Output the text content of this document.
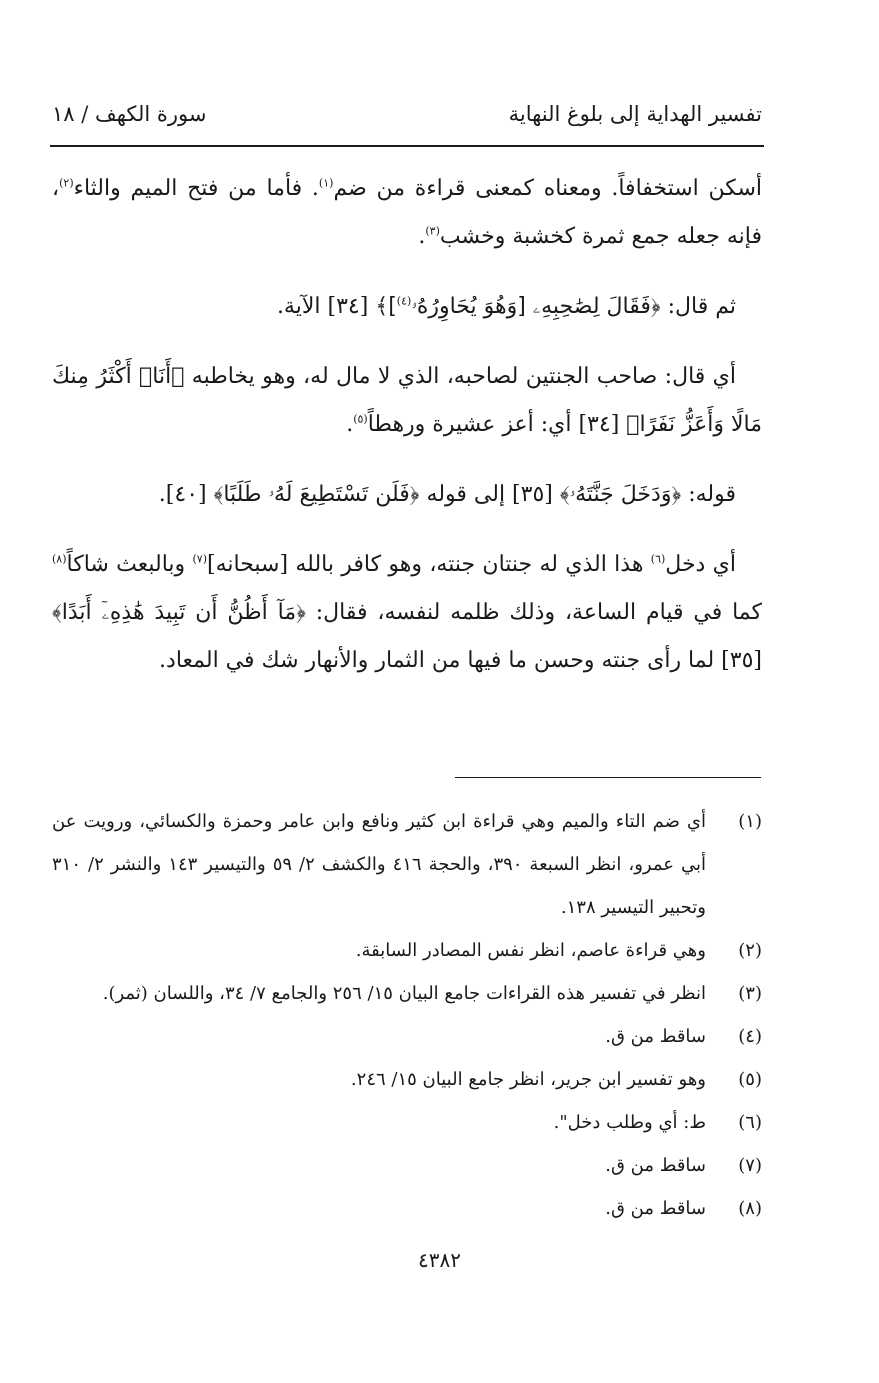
تفسير الهداية إلى بلوغ النهاية
سورة الكهف / ١٨

أسكن استخفافاً. ومعناه كمعنى قراءة من ضم$^{(١)}$. فأما من فتح الميم والثاء$^{(٢)}$، فإنه جعله جمع ثمرة كخشبة وخشب$^{(٣)}$.

ثم قال: ﴿فَقَالَ لِصَٰحِبِهِۦ [وَهُوَ يُحَاوِرُهُۥ$^{(٤)}$]﴾ [٣٤] الآية.

أي قال: صاحب الجنتين لصاحبه، الذي لا مال له، وهو يخاطبه ﴿أَنَا۠ أَكْثَرُ مِنكَ مَالًا وَأَعَزُّ نَفَرًا﴾ [٣٤] أي: أعز عشيرة ورهطاً$^{(٥)}$.

قوله: ﴿وَدَخَلَ جَنَّتَهُۥ﴾ [٣٥] إلى قوله ﴿فَلَن تَسْتَطِيعَ لَهُۥ طَلَبًا﴾ [٤٠].

أي دخل$^{(٦)}$ هذا الذي له جنتان جنته، وهو كافر بالله [سبحانه]$^{(٧)}$ وبالبعث شاكاً$^{(٨)}$ كما في قيام الساعة، وذلك ظلمه لنفسه، فقال: ﴿مَآ أَظُنُّ أَن تَبِيدَ هَٰذِهِۦٓ أَبَدًا﴾ [٣٥] لما رأى جنته وحسن ما فيها من الثمار والأنهار شك في المعاد.

(١)
أي ضم التاء والميم وهي قراءة ابن كثير ونافع وابن عامر وحمزة والكسائي، ورويت عن أبي عمرو، انظر السبعة ٣٩٠، والحجة ٤١٦ والكشف ٢/ ٥٩ والتيسير ١٤٣ والنشر ٢/ ٣١٠ وتحبير التيسير ١٣٨.
(٢)
وهي قراءة عاصم، انظر نفس المصادر السابقة.
(٣)
انظر في تفسير هذه القراءات جامع البيان ١٥/ ٢٥٦ والجامع ٧/ ٣٤، واللسان (ثمر).
(٤)
ساقط من ق.
(٥)
وهو تفسير ابن جرير، انظر جامع البيان ١٥/ ٢٤٦.
(٦)
ط: أي وطلب دخل".
(٧)
ساقط من ق.
(٨)
ساقط من ق.
٤٣٨٢
